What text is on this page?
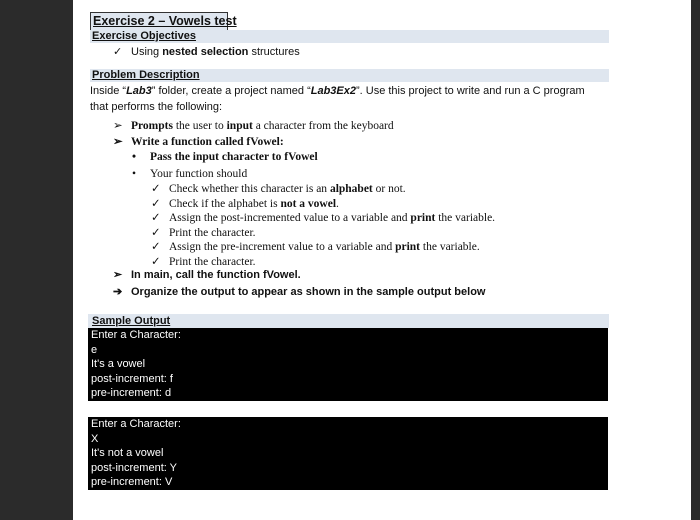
Exercise 2 – Vowels test
Exercise Objectives
✓ Using nested selection structures
Problem Description
Inside “Lab3” folder, create a project named “Lab3Ex2”. Use this project to write and run a C program
that performs the following:
➢ Prompts the user to input a character from the keyboard
➢ Write a function called fVowel:
• Pass the input character to fVowel
• Your function should
✓ Check whether this character is an alphabet or not.
✓ Check if the alphabet is not a vowel.
✓ Assign the post-incremented value to a variable and print the variable.
✓ Print the character.
✓ Assign the pre-increment value to a variable and print the variable.
✓ Print the character.
➢ In main, call the function fVowel.
➔ Organize the output to appear as shown in the sample output below
Sample Output
Enter a Character:
e
It's a vowel
post-increment: f
pre-increment: d
Enter a Character:
X
It's not a vowel
post-increment: Y
pre-increment: V
